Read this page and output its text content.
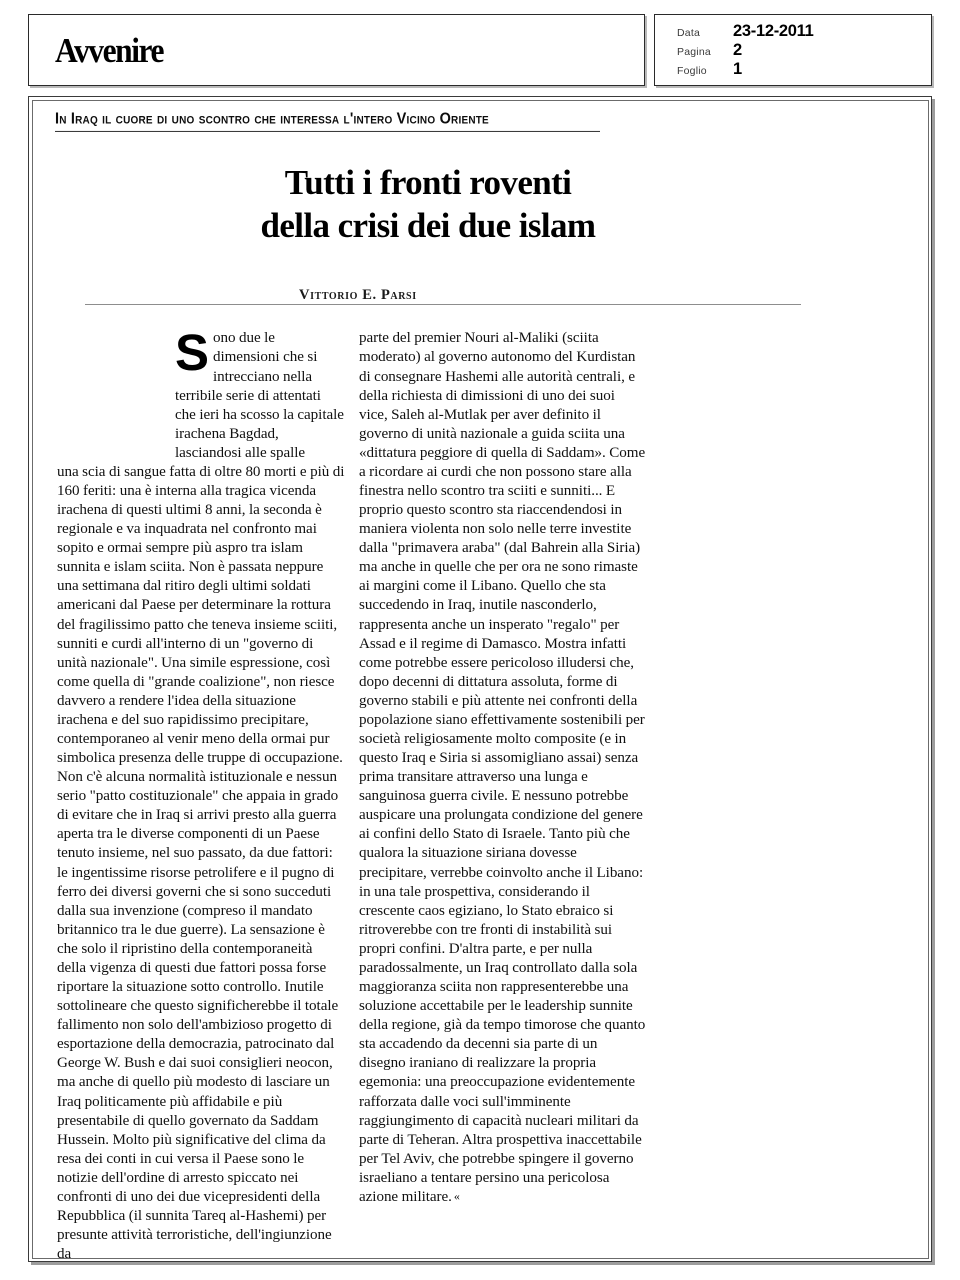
Avvenire	Data	23-12-2011
Pagina	2
Foglio	1
In Iraq il cuore di uno scontro che interessa l'intero Vicino Oriente
Tutti i fronti roventi
della crisi dei due islam
Vittorio E. Parsi
S ono due le dimensioni che si intrecciano nella terribile serie di attentati che ieri ha scosso la capitale irachena Bagdad, lasciandosi alle spalle
una scia di sangue fatta di oltre 80 morti e più di 160 feriti: una è interna alla tragica vicenda irachena di questi ultimi 8 anni, la seconda è regionale e va inquadrata nel confronto mai sopito e ormai sempre più aspro tra islam sunnita e islam sciita. Non è passata neppure una settimana dal ritiro degli ultimi soldati americani dal Paese per determinare la rottura del fragilissimo patto che teneva insieme sciiti, sunniti e curdi all'interno di un "governo di unità nazionale". Una simile espressione, così come quella di "grande coalizione", non riesce davvero a rendere l'idea della situazione irachena e del suo rapidissimo precipitare, contemporaneo al venir meno della ormai pur simbolica presenza delle truppe di occupazione. Non c'è alcuna normalità istituzionale e nessun serio "patto costituzionale" che appaia in grado di evitare che in Iraq si arrivi presto alla guerra aperta tra le diverse componenti di un Paese tenuto insieme, nel suo passato, da due fattori: le ingentissime risorse petrolifere e il pugno di ferro dei diversi governi che si sono succeduti dalla sua invenzione (compreso il mandato britannico tra le due guerre). La sensazione è che solo il ripristino della contemporaneità della vigenza di questi due fattori possa forse riportare la situazione sotto controllo. Inutile sottolineare che questo significherebbe il totale fallimento non solo dell'ambizioso progetto di esportazione della democrazia, patrocinato dal George W. Bush e dai suoi consiglieri neocon, ma anche di quello più modesto di lasciare un Iraq politicamente più affidabile e più presentabile di quello governato da Saddam Hussein. Molto più significative del clima da resa dei conti in cui versa il Paese sono le notizie dell'ordine di arresto spiccato nei confronti di uno dei due vicepresidenti della Repubblica (il sunnita Tareq al-Hashemi) per presunte attività terroristiche, dell'ingiunzione da
parte del premier Nouri al-Maliki (sciita moderato) al governo autonomo del Kurdistan di consegnare Hashemi alle autorità centrali, e della richiesta di dimissioni di uno dei suoi vice, Saleh al-Mutlak per aver definito il governo di unità nazionale a guida sciita una «dittatura peggiore di quella di Saddam». Come a ricordare ai curdi che non possono stare alla finestra nello scontro tra sciiti e sunniti... E proprio questo scontro sta riaccendendosi in maniera violenta non solo nelle terre investite dalla "primavera araba" (dal Bahrein alla Siria) ma anche in quelle che per ora ne sono rimaste ai margini come il Libano. Quello che sta succedendo in Iraq, inutile nasconderlo, rappresenta anche un insperato "regalo" per Assad e il regime di Damasco. Mostra infatti come potrebbe essere pericoloso illudersi che, dopo decenni di dittatura assoluta, forme di governo stabili e più attente nei confronti della popolazione siano effettivamente sostenibili per società religiosamente molto composite (e in questo Iraq e Siria si assomigliano assai) senza prima transitare attraverso una lunga e sanguinosa guerra civile. E nessuno potrebbe auspicare una prolungata condizione del genere ai confini dello Stato di Israele. Tanto più che qualora la situazione siriana dovesse precipitare, verrebbe coinvolto anche il Libano: in una tale prospettiva, considerando il crescente caos egiziano, lo Stato ebraico si ritroverebbe con tre fronti di instabilità sui propri confini. D'altra parte, e per nulla paradossalmente, un Iraq controllato dalla sola maggioranza sciita non rappresenterebbe una soluzione accettabile per le leadership sunnite della regione, già da tempo timorose che quanto sta accadendo da decenni sia parte di un disegno iraniano di realizzare la propria egemonia: una preoccupazione evidentemente rafforzata dalle voci sull'imminente raggiungimento di capacità nucleari militari da parte di Teheran. Altra prospettiva inaccettabile per Tel Aviv, che potrebbe spingere il governo israeliano a tentare persino una pericolosa azione militare. «
